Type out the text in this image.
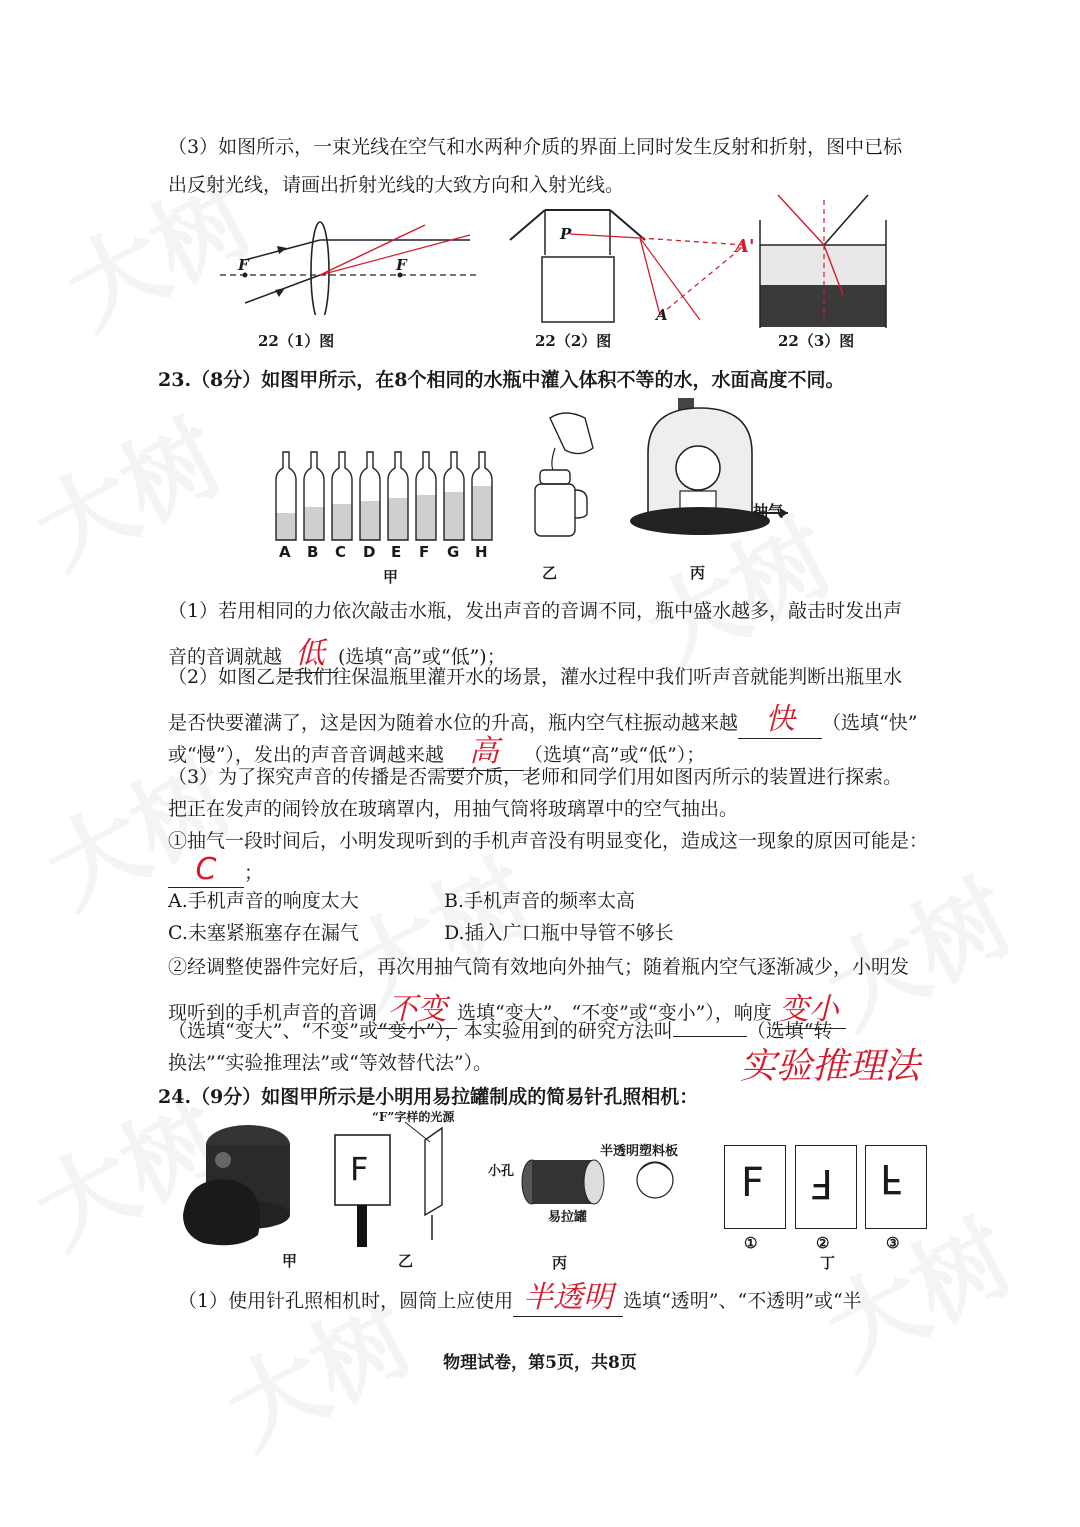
（3）如图所示，一束光线在空气和水两种介质的界面上同时发生反射和折射，图中已标
出反射光线，请画出折射光线的大致方向和入射光线。
F	F
22（1）图
P
A
A'
22（2）图	22（3）图
23.（8分）如图甲所示，在8个相同的水瓶中灌入体积不等的水，水面高度不同。
A B C D E F G H
甲	乙
抽气
丙
（1）若用相同的力依次敲击水瓶，发出声音的音调不同，瓶中盛水越多，敲击时发出声
音的音调就越 低 (选填“高”或“低”)；
（2）如图乙是我们往保温瓶里灌开水的场景，灌水过程中我们听声音就能判断出瓶里水
是否快要灌满了，这是因为随着水位的升高，瓶内空气柱振动越来越 快 （选填“快”
或“慢”），发出的声音音调越来越 高 （选填“高”或“低”）；
（3）为了探究声音的传播是否需要介质，老师和同学们用如图丙所示的装置进行探索。
把正在发声的闹铃放在玻璃罩内，用抽气筒将玻璃罩中的空气抽出。
①抽气一段时间后，小明发现听到的手机声音没有明显变化，造成这一现象的原因可能是：
C ；
A.手机声音的响度太大	B.手机声音的频率太高
C.未塞紧瓶塞存在漏气	D.插入广口瓶中导管不够长
②经调整使器件完好后，再次用抽气筒有效地向外抽气；随着瓶内空气逐渐减少，小明发
现听到的手机声音的音调 不变 选填“变大”、“不变”或“变小”），响度 变小
（选填“变大”、“不变”或“变小”），本实验用到的研究方法叫	（选填“转
换法”“实验推理法”或“等效替代法”）。	实验推理法
24.（9分）如图甲所示是小明用易拉罐制成的简易针孔照相机：
甲
F
“F”字样的光源
乙
半透明塑料板
小孔
易拉罐
丙
F F F
①	②	③
丁
（1）使用针孔照相机时，圆筒上应使用 半透明 选填“透明”、“不透明”或“半
物理试卷，第5页，共8页
